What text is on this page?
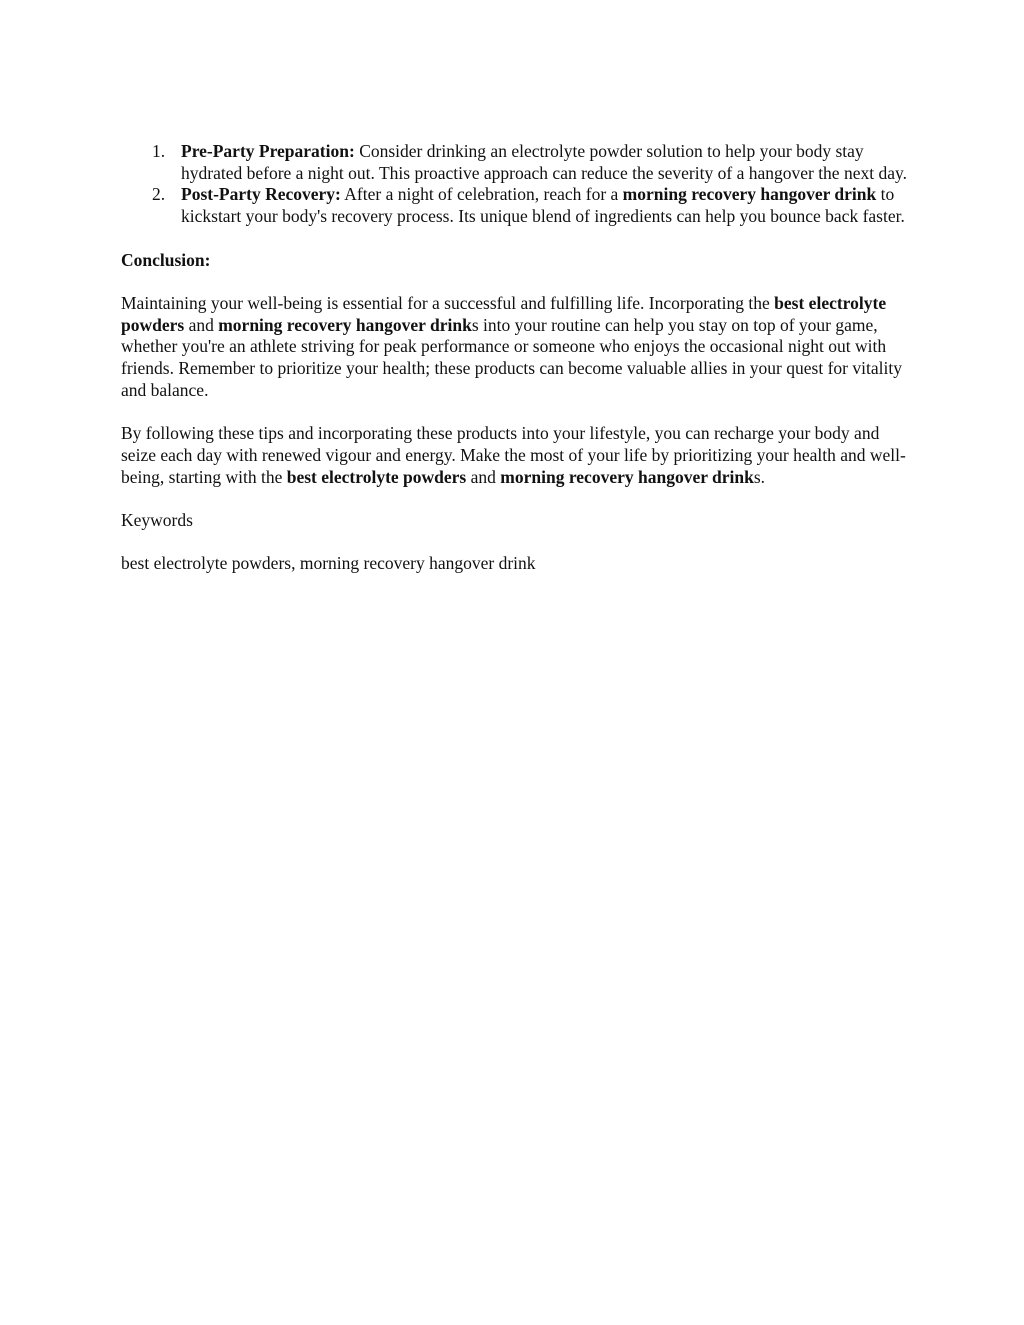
1. Pre-Party Preparation: Consider drinking an electrolyte powder solution to help your body stay hydrated before a night out. This proactive approach can reduce the severity of a hangover the next day.
2. Post-Party Recovery: After a night of celebration, reach for a morning recovery hangover drink to kickstart your body's recovery process. Its unique blend of ingredients can help you bounce back faster.

Conclusion:

Maintaining your well-being is essential for a successful and fulfilling life. Incorporating the best electrolyte powders and morning recovery hangover drinks into your routine can help you stay on top of your game, whether you're an athlete striving for peak performance or someone who enjoys the occasional night out with friends. Remember to prioritize your health; these products can become valuable allies in your quest for vitality and balance.

By following these tips and incorporating these products into your lifestyle, you can recharge your body and seize each day with renewed vigour and energy. Make the most of your life by prioritizing your health and well-being, starting with the best electrolyte powders and morning recovery hangover drinks.

Keywords

best electrolyte powders, morning recovery hangover drink
